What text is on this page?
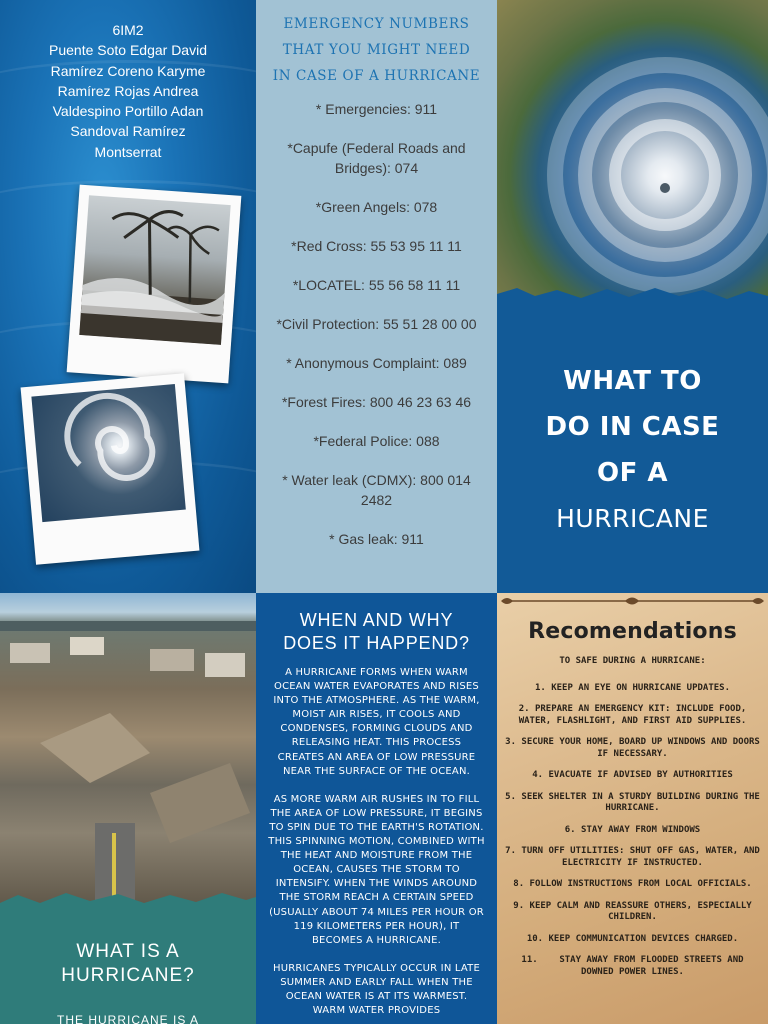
6IM2
Puente Soto Edgar David
Ramírez Coreno Karyme
Ramírez Rojas Andrea
Valdespino Portillo Adan
Sandoval Ramírez Montserrat
EMERGENCY NUMBERS
THAT YOU MIGHT NEED
IN CASE OF A HURRICANE
* Emergencies: 911
*Capufe (Federal Roads and Bridges): 074
*Green Angels: 078
*Red Cross: 55 53 95 11 11
*LOCATEL: 55 56 58 11 11
*Civil Protection: 55 51 28 00 00
* Anonymous Complaint: 089
*Forest Fires: 800 46 23 63 46
*Federal Police: 088
* Water leak (CDMX): 800 014 2482
* Gas leak: 911
WHAT TO
DO IN CASE
OF A
HURRICANE
WHAT IS A
HURRICANE?
THE HURRICANE IS A
WHEN AND WHY
DOES IT HAPPEND?

A HURRICANE FORMS WHEN WARM OCEAN WATER EVAPORATES AND RISES INTO THE ATMOSPHERE. AS THE WARM, MOIST AIR RISES, IT COOLS AND CONDENSES, FORMING CLOUDS AND RELEASING HEAT. THIS PROCESS CREATES AN AREA OF LOW PRESSURE NEAR THE SURFACE OF THE OCEAN.

AS MORE WARM AIR RUSHES IN TO FILL THE AREA OF LOW PRESSURE, IT BEGINS TO SPIN DUE TO THE EARTH'S ROTATION. THIS SPINNING MOTION, COMBINED WITH THE HEAT AND MOISTURE FROM THE OCEAN, CAUSES THE STORM TO INTENSIFY. WHEN THE WINDS AROUND THE STORM REACH A CERTAIN SPEED (USUALLY ABOUT 74 MILES PER HOUR OR 119 KILOMETERS PER HOUR), IT BECOMES A HURRICANE.

HURRICANES TYPICALLY OCCUR IN LATE SUMMER AND EARLY FALL WHEN THE OCEAN WATER IS AT ITS WARMEST. WARM WATER PROVIDES

Recomendations

TO SAFE DURING A HURRICANE:

1. KEEP AN EYE ON HURRICANE UPDATES.

2. PREPARE AN EMERGENCY KIT: INCLUDE FOOD, WATER, FLASHLIGHT, AND FIRST AID SUPPLIES.

3. SECURE YOUR HOME, BOARD UP WINDOWS AND DOORS IF NECESSARY.

4. EVACUATE IF ADVISED BY AUTHORITIES

5. SEEK SHELTER IN A STURDY BUILDING DURING THE HURRICANE.

6. STAY AWAY FROM WINDOWS

7. TURN OFF UTILITIES: SHUT OFF GAS, WATER, AND ELECTRICITY IF INSTRUCTED.

8. FOLLOW INSTRUCTIONS FROM LOCAL OFFICIALS.

9. KEEP CALM AND REASSURE OTHERS, ESPECIALLY CHILDREN.

10. KEEP COMMUNICATION DEVICES CHARGED.

11.    STAY AWAY FROM FLOODED STREETS AND DOWNED POWER LINES.
